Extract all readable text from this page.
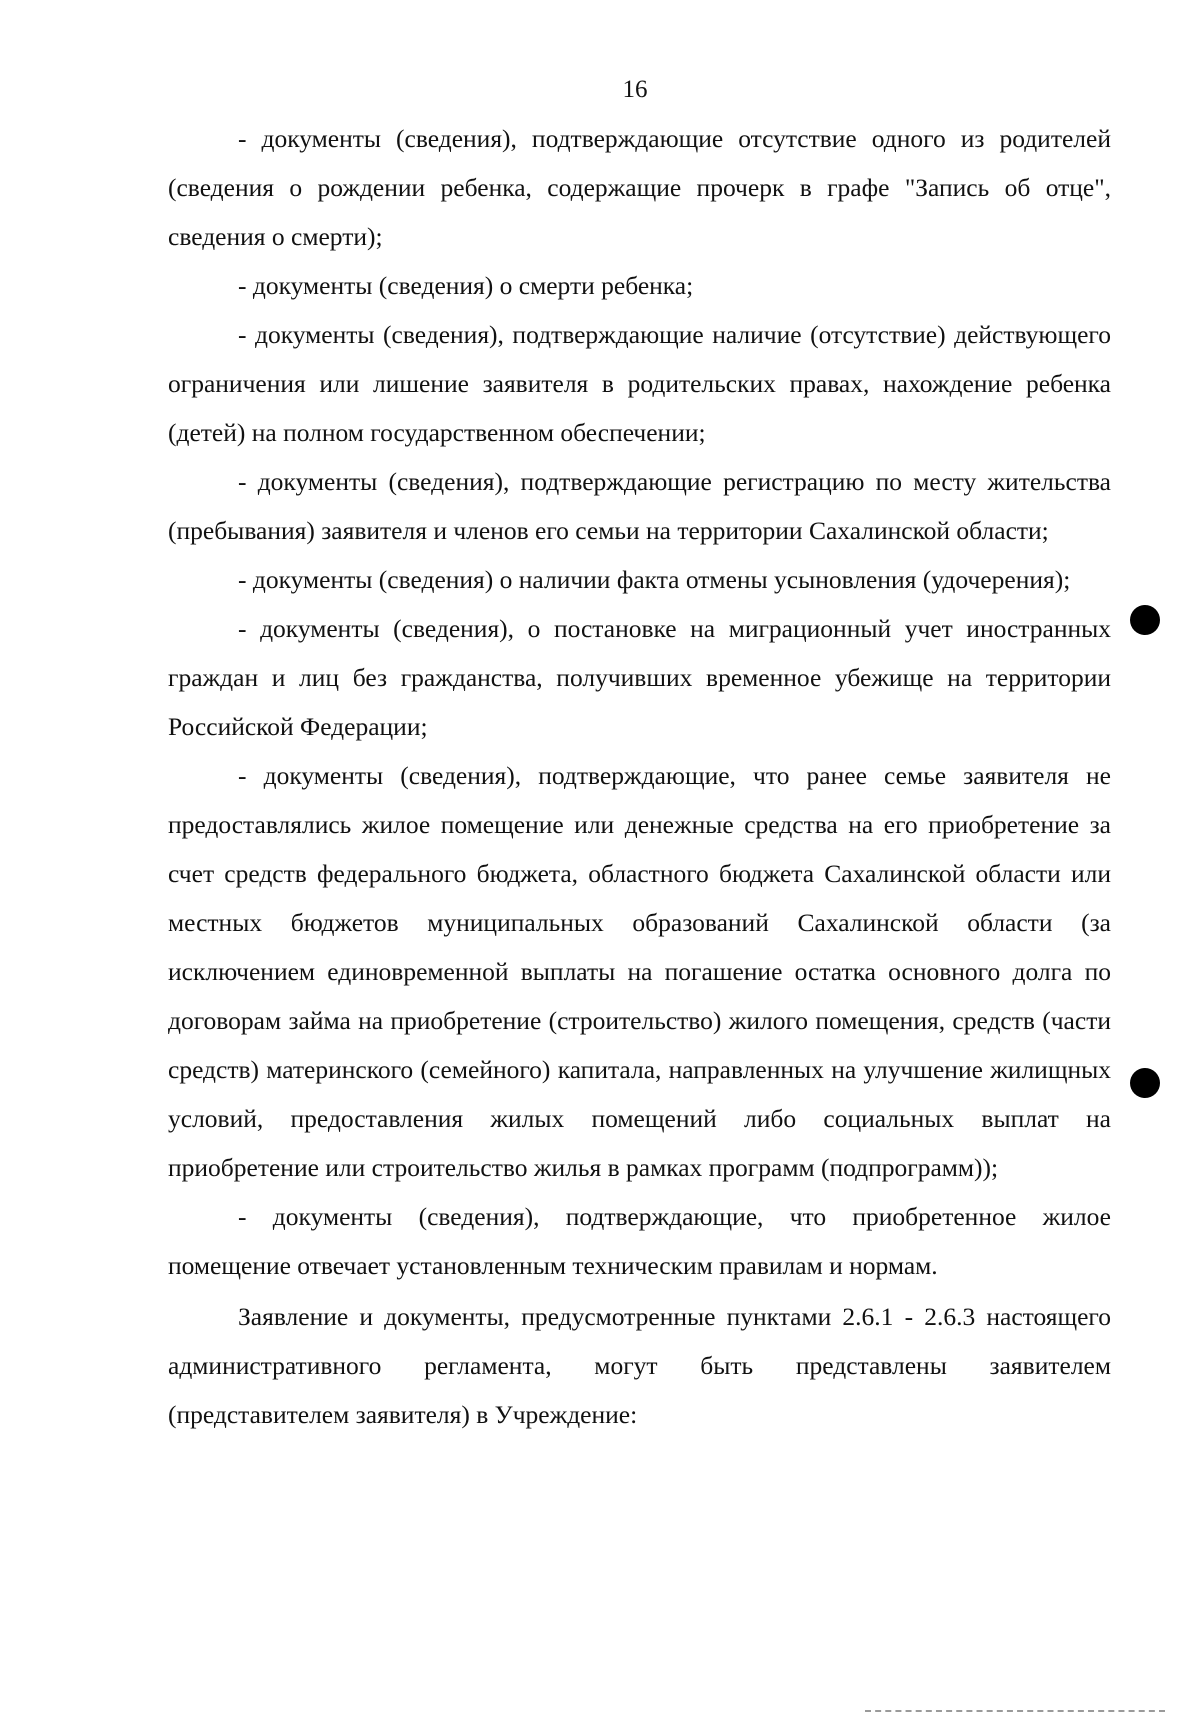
16

- документы (сведения), подтверждающие отсутствие одного из родителей (сведения о рождении ребенка, содержащие прочерк в графе "Запись об отце", сведения о смерти);

- документы (сведения) о смерти ребенка;

- документы (сведения), подтверждающие наличие (отсутствие) действующего ограничения или лишение заявителя в родительских правах, нахождение ребенка (детей) на полном государственном обеспечении;

- документы (сведения), подтверждающие регистрацию по месту жительства (пребывания) заявителя и членов его семьи на территории Сахалинской области;

- документы (сведения) о наличии факта отмены усыновления (удочерения);

- документы (сведения), о постановке на миграционный учет иностранных граждан и лиц без гражданства, получивших временное убежище на территории Российской Федерации;

- документы (сведения), подтверждающие, что ранее семье заявителя не предоставлялись жилое помещение или денежные средства на его приобретение за счет средств федерального бюджета, областного бюджета Сахалинской области или местных бюджетов муниципальных образований Сахалинской области (за исключением единовременной выплаты на погашение остатка основного долга по договорам займа на приобретение (строительство) жилого помещения, средств (части средств) материнского (семейного) капитала, направленных на улучшение жилищных условий, предоставления жилых помещений либо социальных выплат на приобретение или строительство жилья в рамках программ (подпрограмм));

- документы (сведения), подтверждающие, что приобретенное жилое помещение отвечает установленным техническим правилам и нормам.

Заявление и документы, предусмотренные пунктами 2.6.1 - 2.6.3 настоящего административного регламента, могут быть представлены заявителем (представителем заявителя) в Учреждение:
